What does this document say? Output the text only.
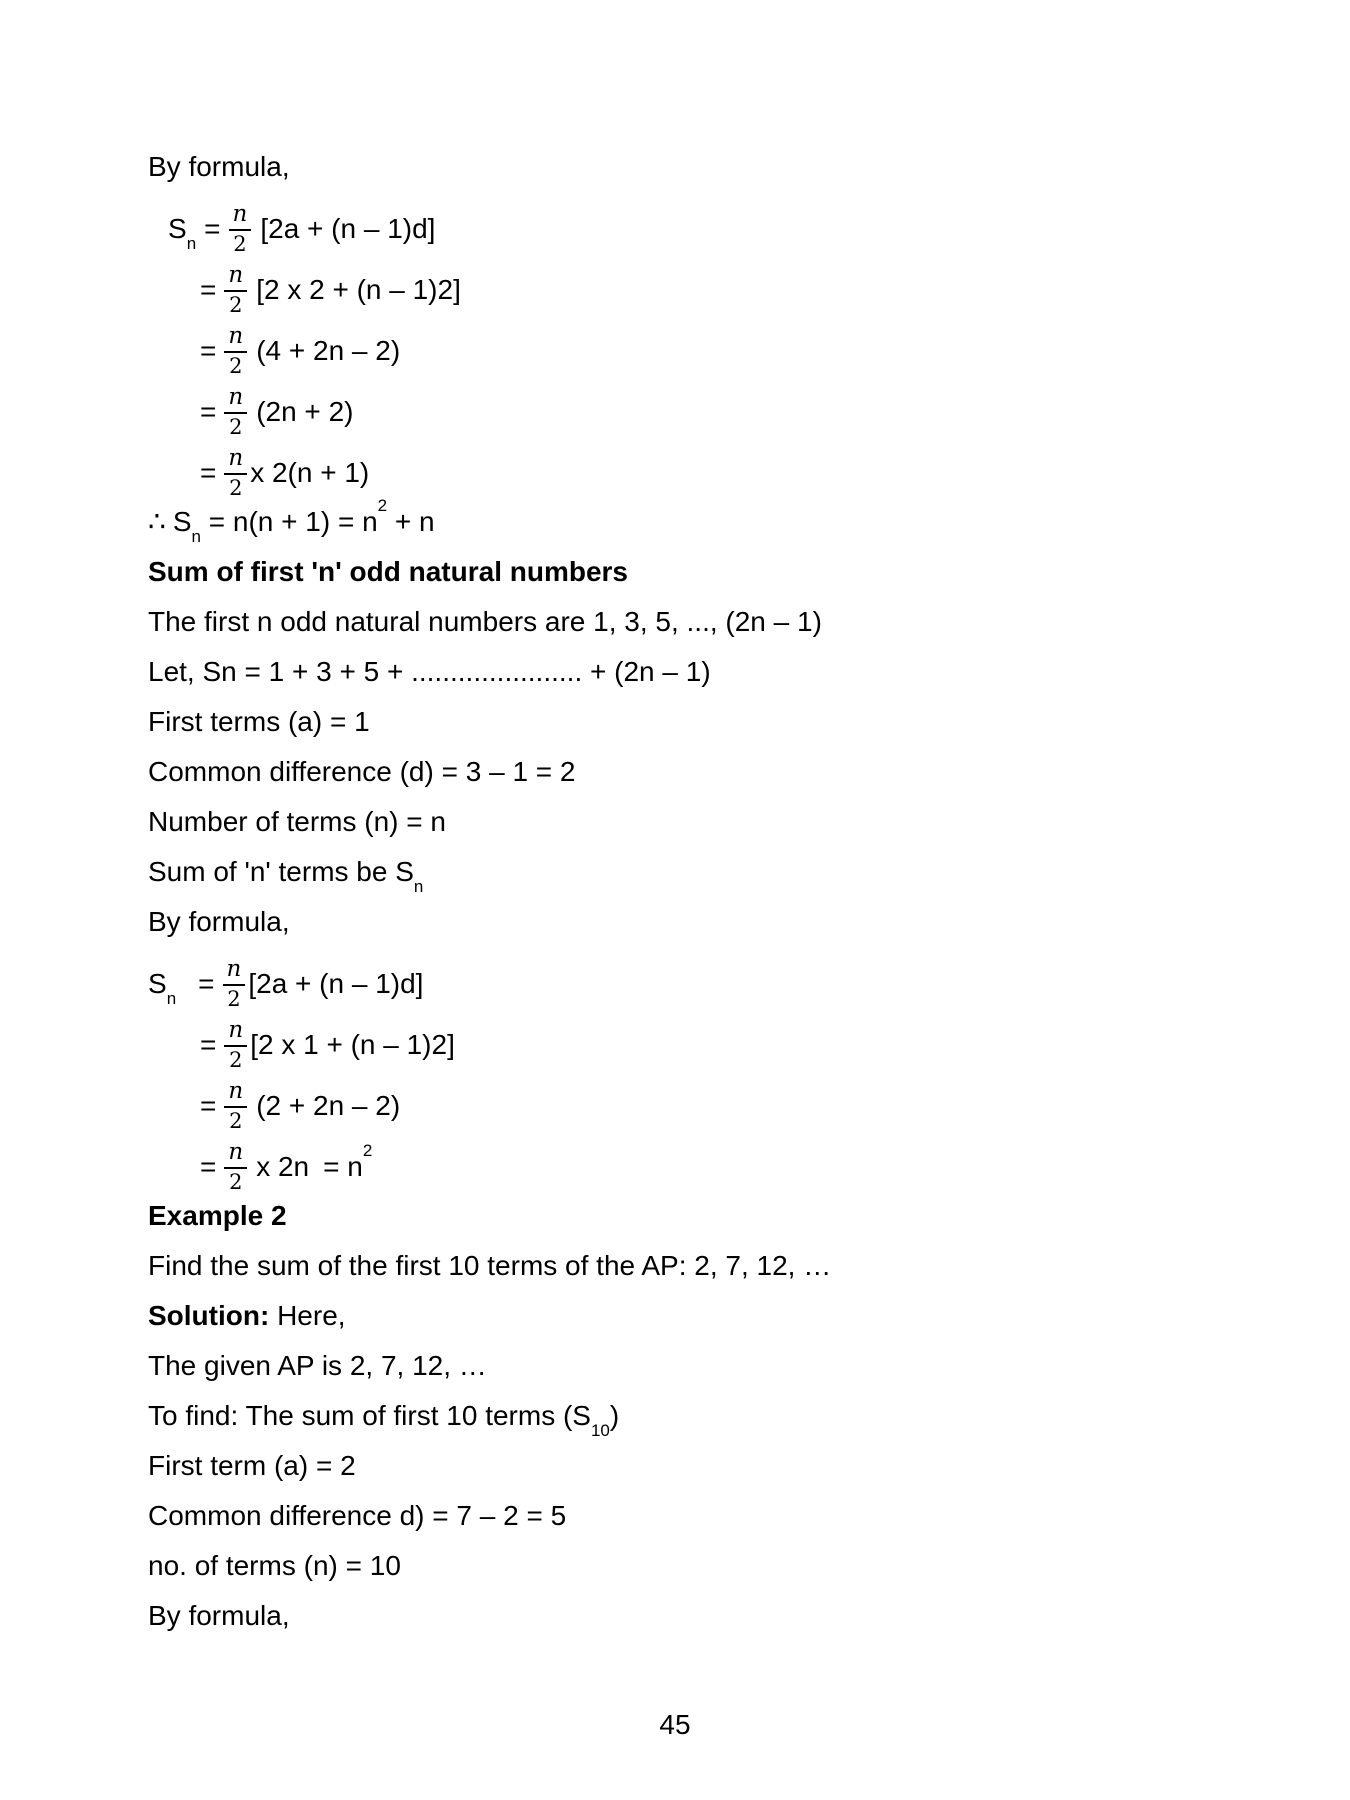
By formula,

$S_n = \frac{n}{2} [2a + (n - 1)d]$
= $\frac{n}{2} [2$ x 2 + (n – 1)2]
= $\frac{n}{2} (4 + 2n - 2)$
= $\frac{n}{2} (2n + 2)$
= $\frac{n}{2}$ x 2(n + 1)

∴ $S_n = n(n + 1) = n^2 + n$

Sum of first 'n' odd natural numbers

The first n odd natural numbers are 1, 3, 5, ..., (2n – 1)

Let, Sn = 1 + 3 + 5 + ...................... + (2n – 1)

First terms (a) = 1

Common difference (d) = 3 – 1 = 2

Number of terms (n) = n

Sum of 'n' terms be $S_n$

By formula,

$S_n = \frac{n}{2} [2a + (n - 1)d]$
= $\frac{n}{2} [2$ x 1 + (n – 1)2]
= $\frac{n}{2} (2 + 2n - 2)$
= $\frac{n}{2}$ x $2n = n^2$

Example 2

Find the sum of the first 10 terms of the AP: 2, 7, 12, …

Solution: Here,

The given AP is 2, 7, 12, …

To find: The sum of first 10 terms $(S_{10})$

First term (a) = 2

Common difference d) = 7 – 2 = 5

no. of terms (n) = 10

By formula,

45
